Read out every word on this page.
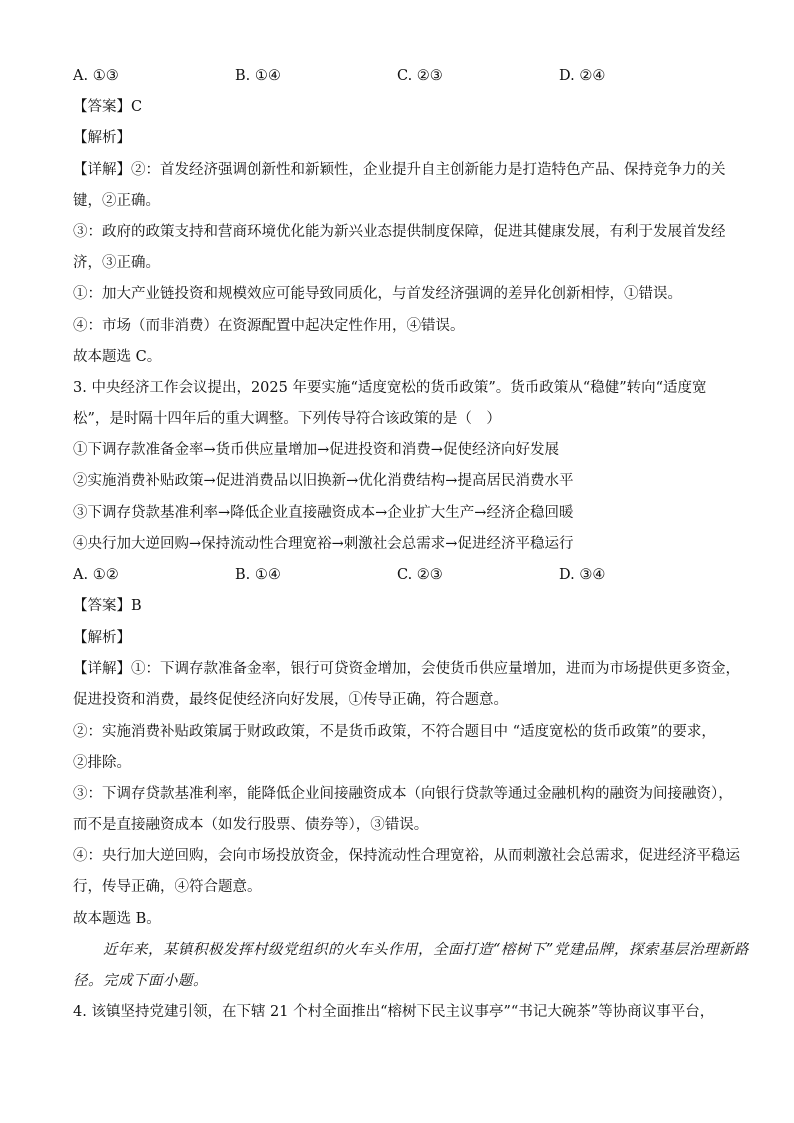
A. ①③	B. ①④	C. ②③	D. ②④
【答案】C
【解析】
【详解】②：首发经济强调创新性和新颖性，企业提升自主创新能力是打造特色产品、保持竞争力的关
键，②正确。
③：政府的政策支持和营商环境优化能为新兴业态提供制度保障，促进其健康发展，有利于发展首发经
济，③正确。
①：加大产业链投资和规模效应可能导致同质化，与首发经济强调的差异化创新相悖，①错误。
④：市场（而非消费）在资源配置中起决定性作用，④错误。
故本题选 C。
3. 中央经济工作会议提出，2025 年要实施“适度宽松的货币政策”。货币政策从“稳健”转向“适度宽
松”，是时隔十四年后的重大调整。下列传导符合该政策的是（　）
①下调存款准备金率→货币供应量增加→促进投资和消费→促使经济向好发展
②实施消费补贴政策→促进消费品以旧换新→优化消费结构→提高居民消费水平
③下调存贷款基准利率→降低企业直接融资成本→企业扩大生产→经济企稳回暖
④央行加大逆回购→保持流动性合理宽裕→刺激社会总需求→促进经济平稳运行
A. ①②	B. ①④	C. ②③	D. ③④
【答案】B
【解析】
【详解】①：下调存款准备金率，银行可贷资金增加，会使货币供应量增加，进而为市场提供更多资金，
促进投资和消费，最终促使经济向好发展，①传导正确，符合题意。
②：实施消费补贴政策属于财政政策，不是货币政策，不符合题目中 “适度宽松的货币政策”的要求，
②排除。
③：下调存贷款基准利率，能降低企业间接融资成本（向银行贷款等通过金融机构的融资为间接融资），
而不是直接融资成本（如发行股票、债券等），③错误。
④：央行加大逆回购，会向市场投放资金，保持流动性合理宽裕，从而刺激社会总需求，促进经济平稳运
行，传导正确，④符合题意。
故本题选 B。
　　近年来，某镇积极发挥村级党组织的火车头作用，全面打造“榕树下”党建品牌，探索基层治理新路
径。完成下面小题。
4. 该镇坚持党建引领，在下辖 21 个村全面推出“榕树下民主议事亭”“书记大碗茶”等协商议事平台，
